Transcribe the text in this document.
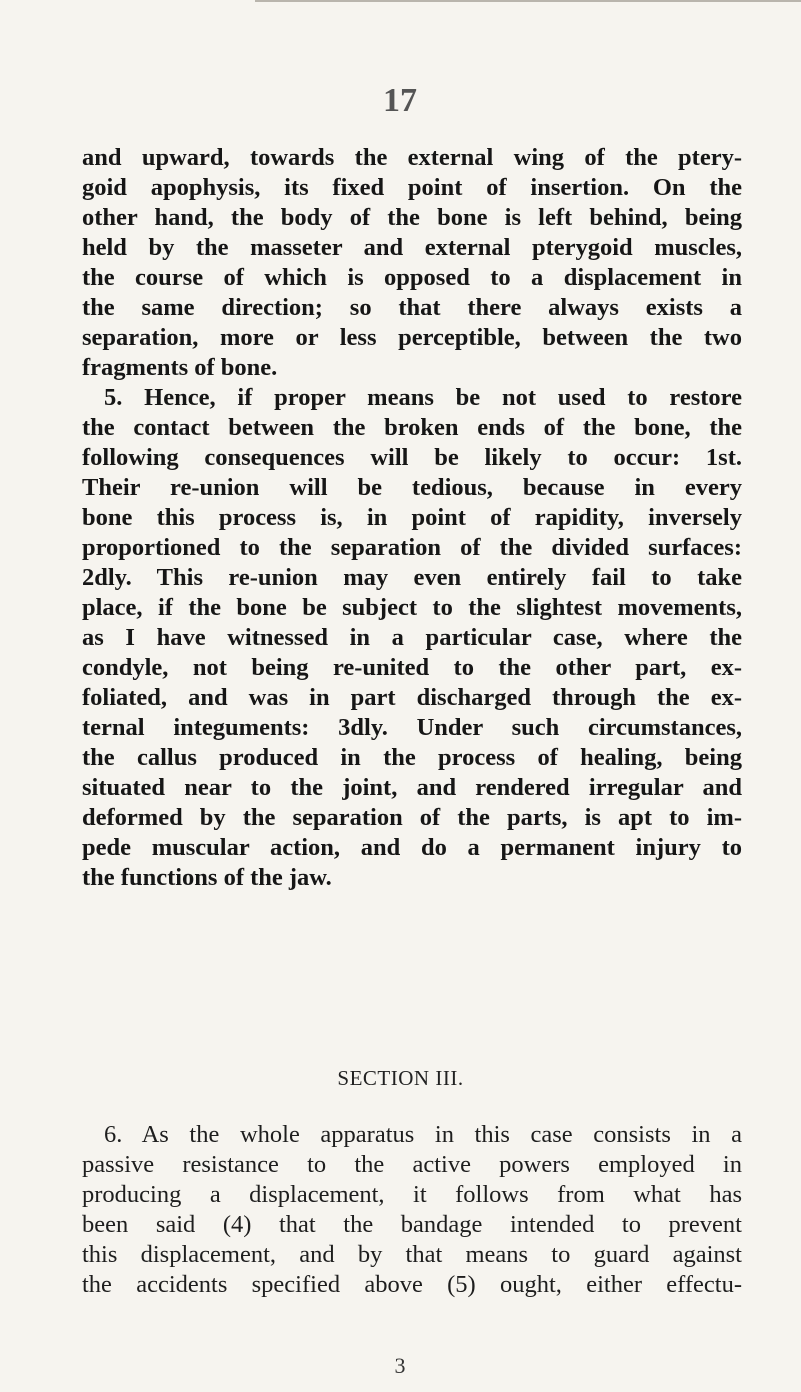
17
and upward, towards the external wing of the ptery-
goid apophysis, its fixed point of insertion. On the
other hand, the body of the bone is left behind, being
held by the masseter and external pterygoid muscles,
the course of which is opposed to a displacement in
the same direction; so that there always exists a
separation, more or less perceptible, between the two
fragments of bone.
5. Hence, if proper means be not used to restore
the contact between the broken ends of the bone, the
following consequences will be likely to occur: 1st.
Their re-union will be tedious, because in every
bone this process is, in point of rapidity, inversely
proportioned to the separation of the divided surfaces:
2dly. This re-union may even entirely fail to take
place, if the bone be subject to the slightest movements,
as I have witnessed in a particular case, where the
condyle, not being re-united to the other part, ex-
foliated, and was in part discharged through the ex-
ternal integuments: 3dly. Under such circumstances,
the callus produced in the process of healing, being
situated near to the joint, and rendered irregular and
deformed by the separation of the parts, is apt to im-
pede muscular action, and do a permanent injury to
the functions of the jaw.
SECTION III.
6. As the whole apparatus in this case consists in a
passive resistance to the active powers employed in
producing a displacement, it follows from what has
been said (4) that the bandage intended to prevent
this displacement, and by that means to guard against
the accidents specified above (5) ought, either effectu-
3
